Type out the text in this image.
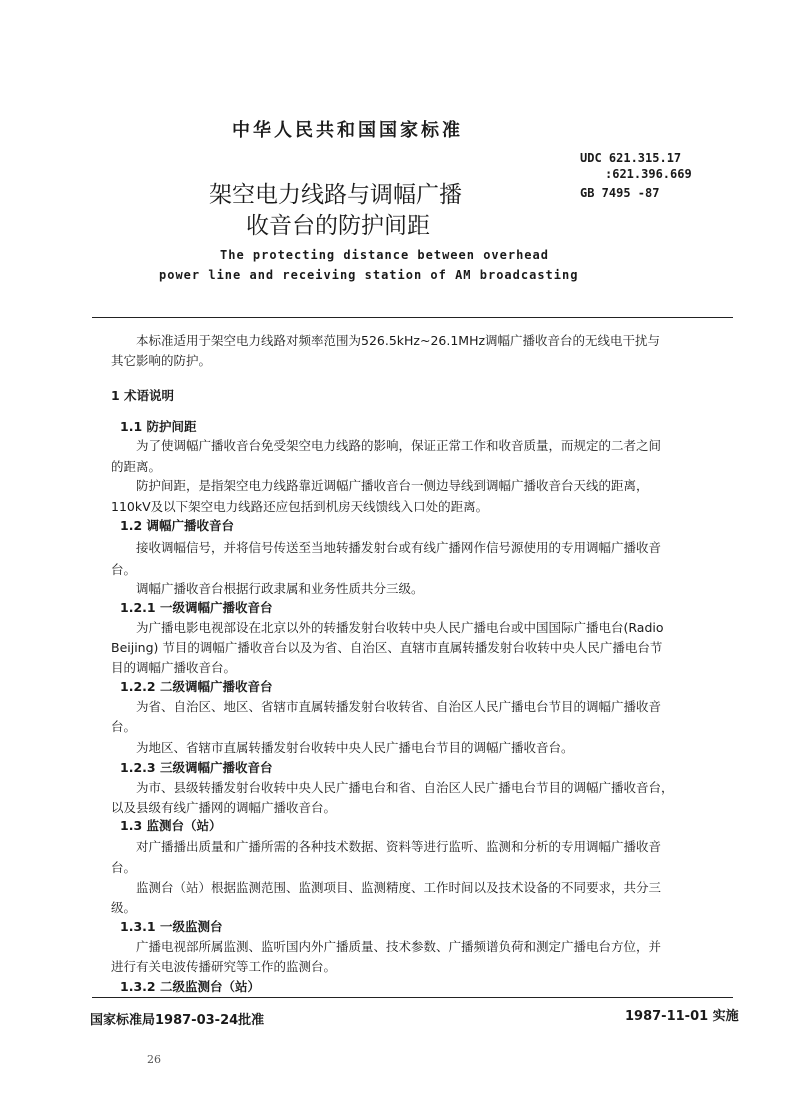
中华人民共和国国家标准
UDC 621.315.17
:621.396.669
架空电力线路与调幅广播	GB 7495 -87
收音台的防护间距
The protecting distance between overhead
power line and receiving station of AM broadcasting
本标准适用于架空电力线路对频率范围为526.5kHz~26.1MHz调幅广播收音台的无线电干扰与
其它影响的防护。
1 术语说明
1.1 防护间距
为了使调幅广播收音台免受架空电力线路的影响，保证正常工作和收音质量，而规定的二者之间
的距离。
防护间距，是指架空电力线路靠近调幅广播收音台一侧边导线到调幅广播收音台天线的距离，
110kV及以下架空电力线路还应包括到机房天线馈线入口处的距离。
1.2 调幅广播收音台
接收调幅信号，并将信号传送至当地转播发射台或有线广播网作信号源使用的专用调幅广播收音
台。
调幅广播收音台根据行政隶属和业务性质共分三级。
1.2.1 一级调幅广播收音台
为广播电影电视部设在北京以外的转播发射台收转中央人民广播电台或中国国际广播电台(Radio
Beijing) 节目的调幅广播收音台以及为省、自治区、直辖市直属转播发射台收转中央人民广播电台节
目的调幅广播收音台。
1.2.2 二级调幅广播收音台
为省、自治区、地区、省辖市直属转播发射台收转省、自治区人民广播电台节目的调幅广播收音
台。
为地区、省辖市直属转播发射台收转中央人民广播电台节目的调幅广播收音台。
1.2.3 三级调幅广播收音台
为市、县级转播发射台收转中央人民广播电台和省、自治区人民广播电台节目的调幅广播收音台，
以及县级有线广播网的调幅广播收音台。
1.3 监测台（站）
对广播播出质量和广播所需的各种技术数据、资料等进行监听、监测和分析的专用调幅广播收音
台。
监测台（站）根据监测范围、监测项目、监测精度、工作时间以及技术设备的不同要求，共分三
级。
1.3.1 一级监测台
广播电视部所属监测、监听国内外广播质量、技术参数、广播频谱负荷和测定广播电台方位，并
进行有关电波传播研究等工作的监测台。
1.3.2 二级监测台（站）
国家标准局1987-03-24批准	1987-11-01 实施
26
